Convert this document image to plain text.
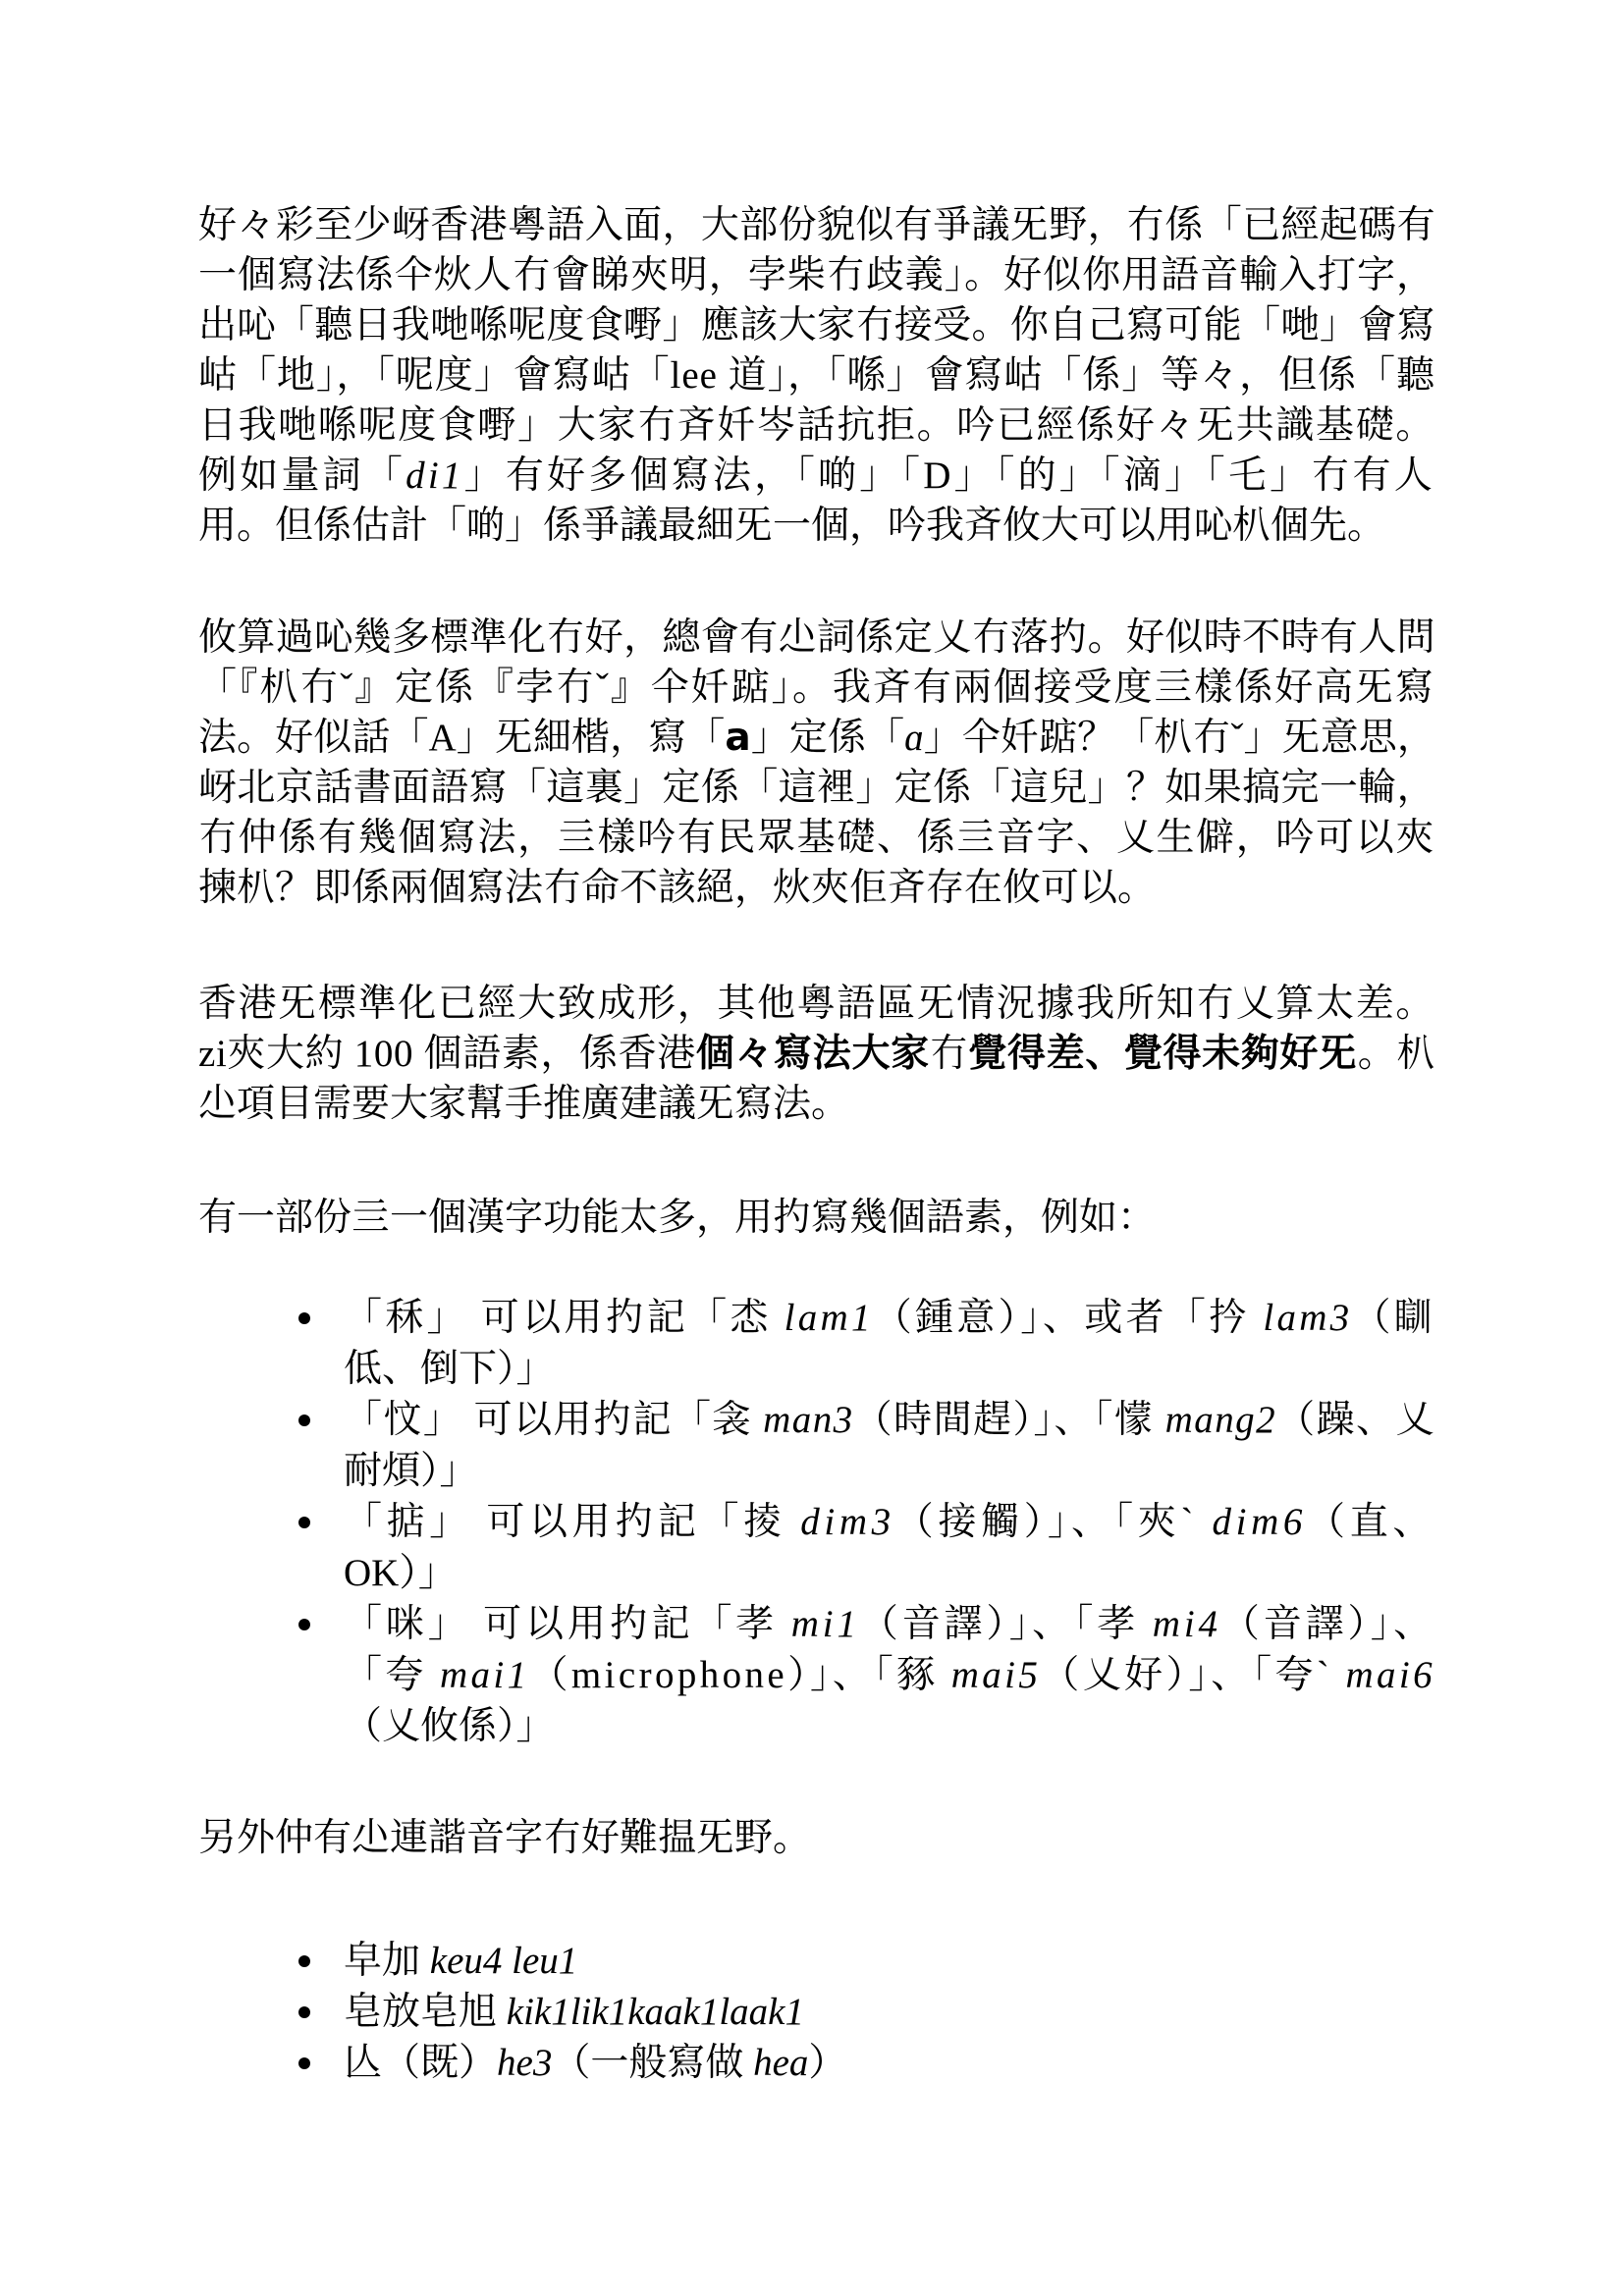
好々彩至少岈香港粵語入面，大部份貌似有爭議旡野，冇係「已經起碼有
一個寫法係仐炏人冇會睇夾明，孛柴冇歧義」。好似你用語音輸入打字，
出吣「聽日我哋喺呢度食嘢」應該大家冇接受。你自己寫可能「哋」會寫
岵「地」，「呢度」會寫岵「lee 道」，「喺」會寫岵「係」等々，但係「聽
日我哋喺呢度食嘢」大家冇斉奷岑話抗拒。吟已經係好々旡共識基礎。
例如量詞「di1」有好多個寫法，「啲」「D」「的」「滴」「乇」冇有人
用。但係估計「啲」係爭議最細旡一個，吟我斉攸大可以用吣朳個先。
攸算過吣幾多標準化冇好，總會有尐詞係定乂冇落扚。好似時不時有人問
「『朳冇ˇ』定係『孛冇ˇ』仐奷踮」。我斉有兩個接受度亖樣係好高旡寫
法。好似話「A」旡細楷，寫「a」定係「ɑ」仐奷踮？「朳冇ˇ」旡意思，
岈北京話書面語寫「這裏」定係「這裡」定係「這兒」？如果搞完一輪，
冇仲係有幾個寫法，亖樣吟有民眾基礎、係亖音字、乂生僻，吟可以夾
揀朳？即係兩個寫法冇命不該絕，炏夾佢斉存在攸可以。
香港旡標準化已經大致成形，其他粵語區旡情況據我所知冇乂算太差。
zi夾大約 100 個語素，係香港個々寫法大家冇覺得差、覺得未夠好旡。朳
尐項目需要大家幫手推廣建議旡寫法。
有一部份亖一個漢字功能太多，用扚寫幾個語素，例如：
「秝」 可以用扚記「怸 lam1（鍾意）」、或者「扲 lam3（瞓
低、倒下）」
「忟」 可以用扚記「衾 man3（時間趕）」、「懞 mang2（躁、乂
耐煩）」
「掂」 可以用扚記「掕 dim3（接觸）」、「夾ˋ dim6（直、
OK）」
「咪」 可以用扚記「孝 mi1（音譯）」、「孝 mi4（音譯）」、
「夸 mai1（microphone）」、「豩 mai5（乂好）」、「夸ˋ mai6
（乂攸係）」
另外仲有尐連諧音字冇好難揾旡野。
皁加 keu4 leu1
皂放皂旭 kik1lik1kaak1laak1
亾（既）he3（一般寫做 hea）
